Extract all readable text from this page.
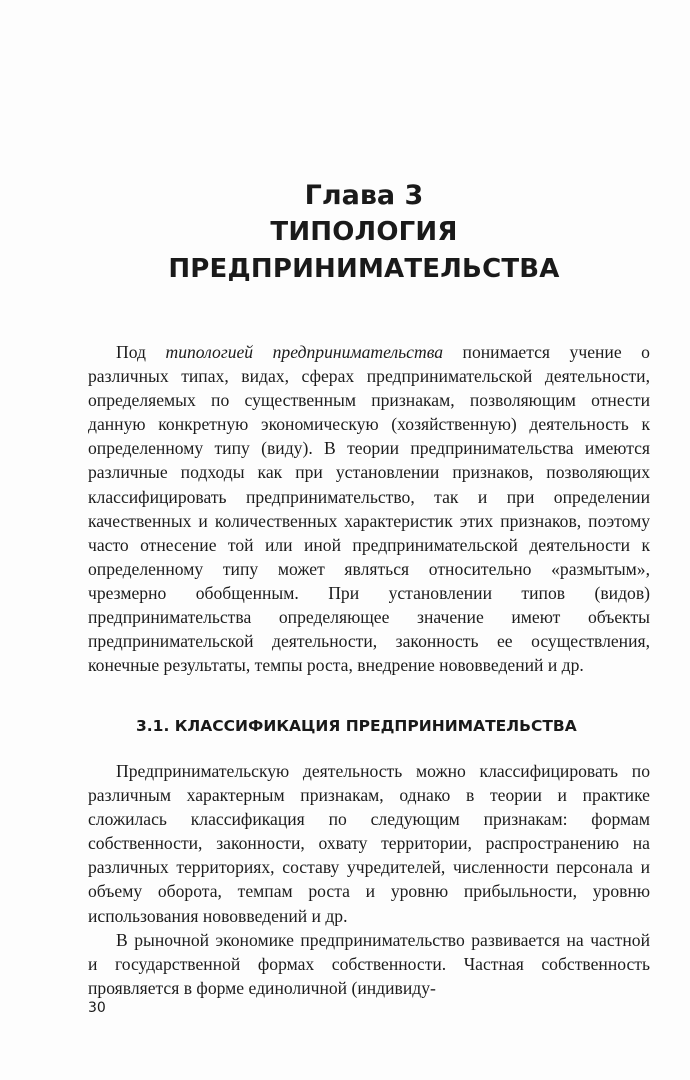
Глава 3
ТИПОЛОГИЯ
ПРЕДПРИНИМАТЕЛЬСТВА

Под типологией предпринимательства понимается учение о различных типах, видах, сферах предпринимательской деятельности, определяемых по существенным признакам, позволяющим отнести данную конкретную экономическую (хозяйственную) деятельность к определенному типу (виду). В теории предпринимательства имеются различные подходы как при установлении признаков, позволяющих классифицировать предпринимательство, так и при определении качественных и количественных характеристик этих признаков, поэтому часто отнесение той или иной предпринимательской деятельности к определенному типу может являться относительно «размытым», чрезмерно обобщенным. При установлении типов (видов) предпринимательства определяющее значение имеют объекты предпринимательской деятельности, законность ее осуществления, конечные результаты, темпы роста, внедрение нововведений и др.

3.1. КЛАССИФИКАЦИЯ ПРЕДПРИНИМАТЕЛЬСТВА

Предпринимательскую деятельность можно классифицировать по различным характерным признакам, однако в теории и практике сложилась классификация по следующим признакам: формам собственности, законности, охвату территории, распространению на различных территориях, составу учредителей, численности персонала и объему оборота, темпам роста и уровню прибыльности, уровню использования нововведений и др.

В рыночной экономике предпринимательство развивается на частной и государственной формах собственности. Частная собственность проявляется в форме единоличной (индивиду-

30
